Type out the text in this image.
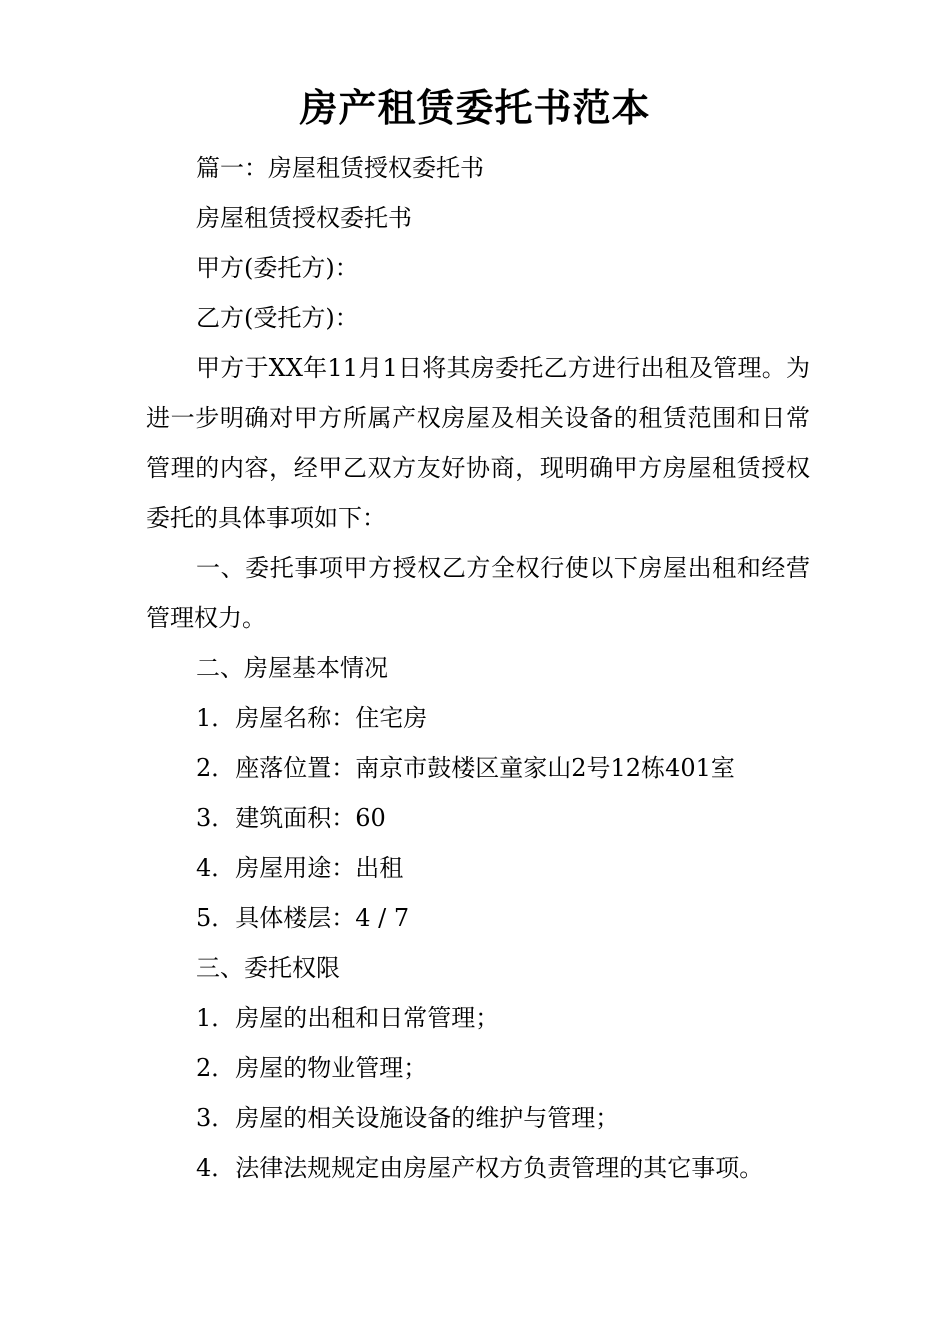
房产租赁委托书范本

篇一：房屋租赁授权委托书

房屋租赁授权委托书

甲方(委托方)：

乙方(受托方)：

甲方于XX年11月1日将其房委托乙方进行出租及管理。为进一步明确对甲方所属产权房屋及相关设备的租赁范围和日常管理的内容，经甲乙双方友好协商，现明确甲方房屋租赁授权委托的具体事项如下：

一、委托事项甲方授权乙方全权行使以下房屋出租和经营管理权力。

二、房屋基本情况

1．房屋名称：住宅房

2．座落位置：南京市鼓楼区童家山2号12栋401室

3．建筑面积：60

4．房屋用途：出租

5．具体楼层：4 / 7

三、委托权限

1．房屋的出租和日常管理；

2．房屋的物业管理；

3．房屋的相关设施设备的维护与管理；

4．法律法规规定由房屋产权方负责管理的其它事项。
